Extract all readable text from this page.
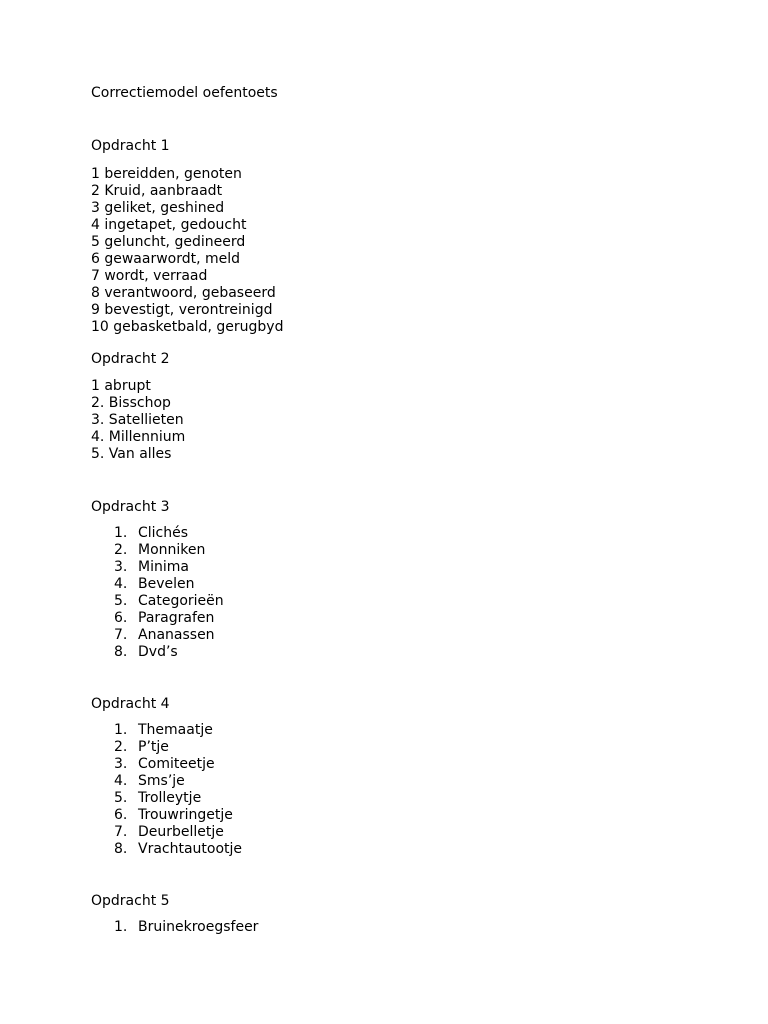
Correctiemodel oefentoets
Opdracht 1
1 bereidden, genoten
2 Kruid, aanbraadt
3 geliket, geshined
4 ingetapet, gedoucht
5 geluncht, gedineerd
6 gewaarwordt, meld
7 wordt, verraad
8 verantwoord, gebaseerd
9 bevestigt, verontreinigd
10 gebasketbald, gerugbyd
Opdracht 2
1 abrupt
2. Bisschop
3. Satellieten
4. Millennium
5. Van alles
Opdracht 3
1. Clichés
2. Monniken
3. Minima
4. Bevelen
5. Categorieën
6. Paragrafen
7. Ananassen
8. Dvd’s
Opdracht 4
1. Themaatje
2. P’tje
3. Comiteetje
4. Sms’je
5. Trolleytje
6. Trouwringetje
7. Deurbelletje
8. Vrachtautootje
Opdracht 5
1. Bruinekroegsfeer
